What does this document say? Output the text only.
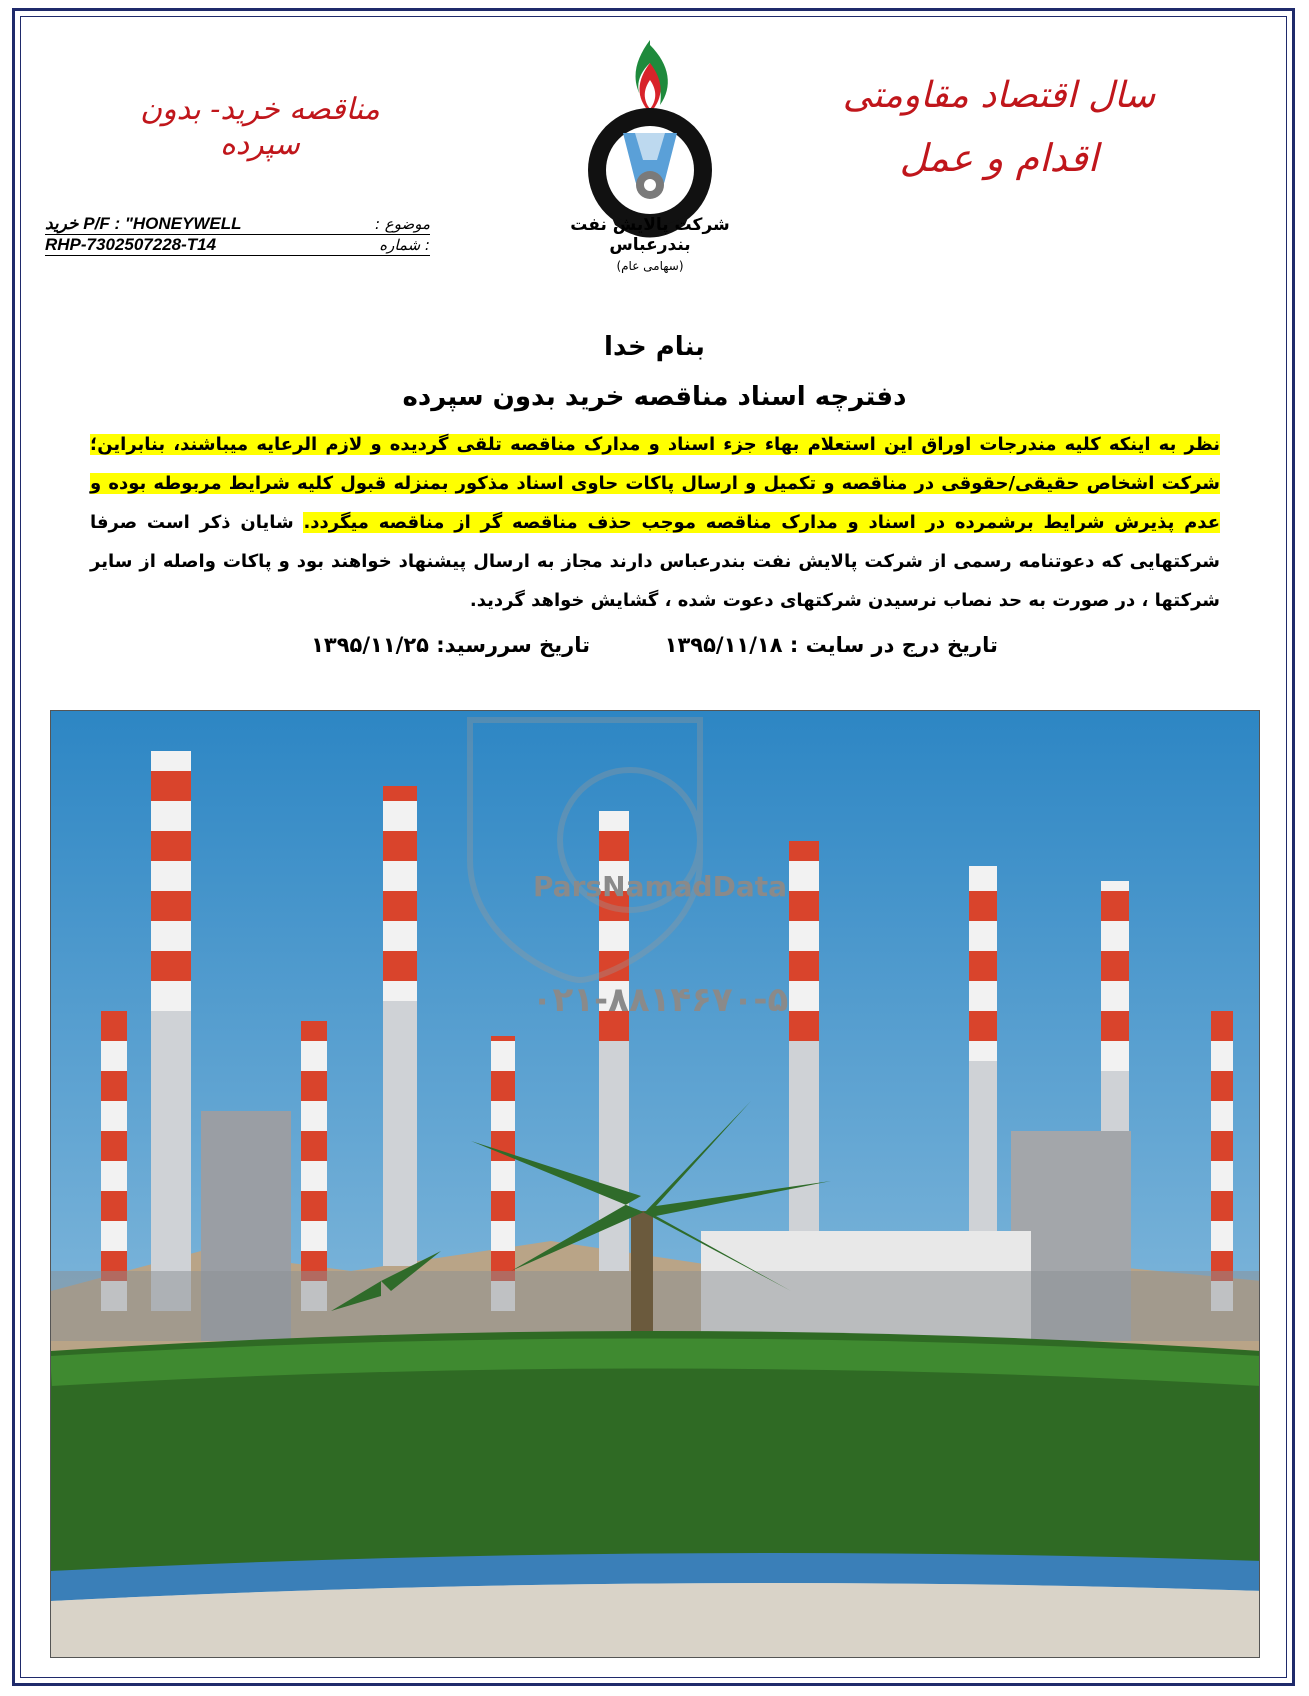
سال اقتصاد مقاومتی
اقدام و عمل
مناقصه خرید- بدون سپرده
شرکت پالایش نفت بندرعباس
(سهامی عام)
خرید P/F : "HONEYWELL	موضوع :
RHP-7302507228-T14	: شماره
بنام خدا
دفترچه اسناد مناقصه خرید بدون سپرده
نظر به اینکه کلیه مندرجات اوراق این استعلام بهاء جزء اسناد و مدارک مناقصه تلقی گردیده و لازم الرعایه میباشند، بنابراین؛ شرکت اشخاص حقیقی/حقوقی در مناقصه و تکمیل و ارسال پاکات حاوی اسناد مذکور بمنزله قبول کلیه شرایط مربوطه بوده و عدم پذیرش شرایط برشمرده در اسناد و مدارک مناقصه موجب حذف مناقصه گر از مناقصه میگردد. شایان ذکر است صرفا شرکتهایی که دعوتنامه رسمی از شرکت پالایش نفت بندرعباس دارند مجاز به ارسال پیشنهاد خواهند بود و پاکات واصله از سایر شرکتها ، در صورت به حد نصاب نرسیدن شرکتهای دعوت شده ، گشایش خواهد گردید.
تاریخ درج در سایت : ۱۳۹۵/۱۱/۱۸  تاریخ سررسید: ۱۳۹۵/۱۱/۲۵
ParsNamadData
۰۲۱-۸۸۱۴۶۷۰-۵
